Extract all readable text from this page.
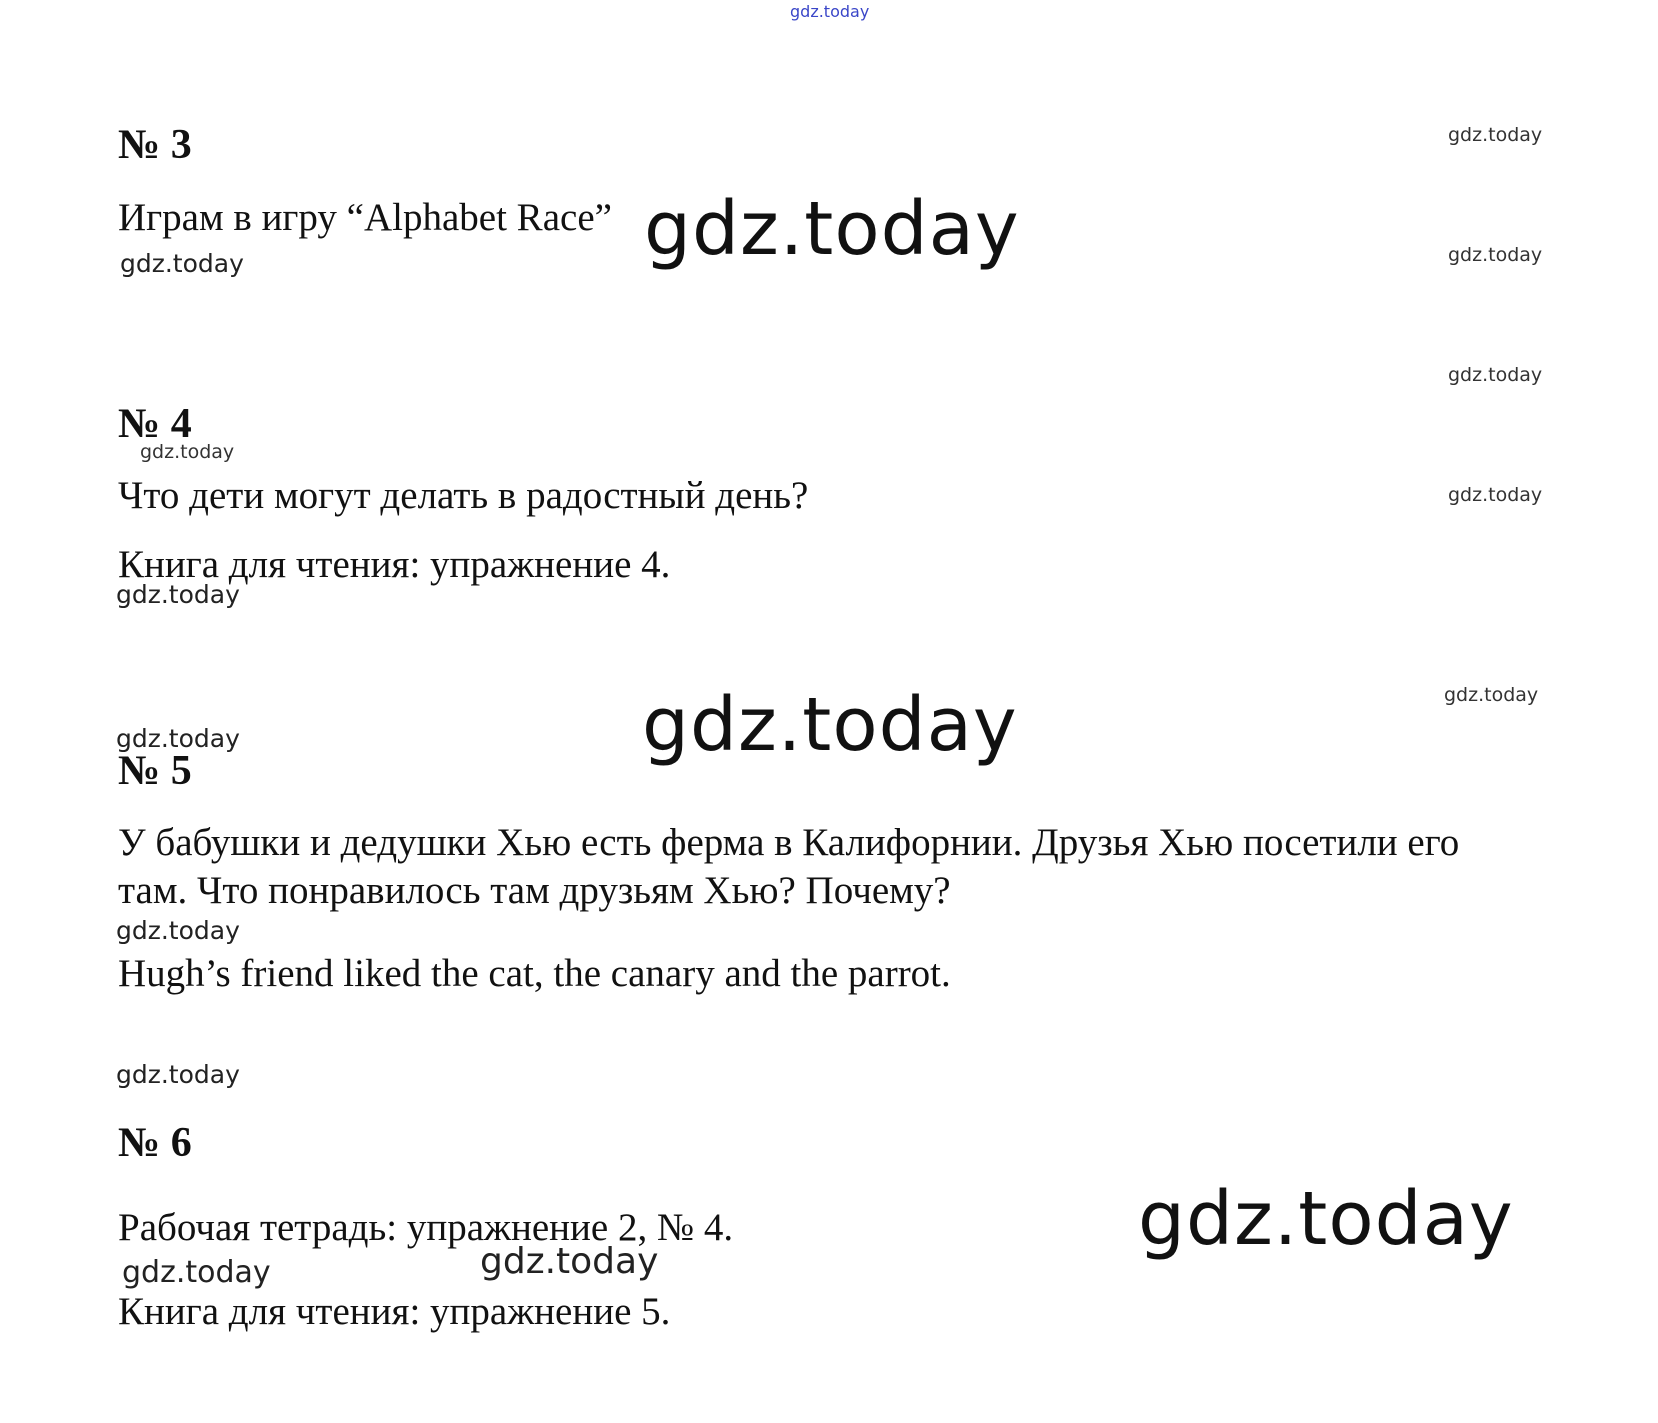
gdz.today
gdz.today
gdz.today
gdz.today
gdz.today
gdz.today
gdz.today
gdz.today
gdz.today
gdz.today
gdz.today
gdz.today
gdz.today	gdz.today
gdz.today
gdz.today
gdz.today
№ 3
Играм в игру “Alphabet Race”
№ 4
Что дети могут делать в радостный день?
Книга для чтения: упражнение 4.
№ 5
У бабушки и дедушки Хью есть ферма в Калифорнии. Друзья Хью посетили его
там. Что понравилось там друзьям Хью? Почему?
Hugh’s friend liked the cat, the canary and the parrot.
№ 6
Рабочая тетрадь: упражнение 2, № 4.
Книга для чтения: упражнение 5.
